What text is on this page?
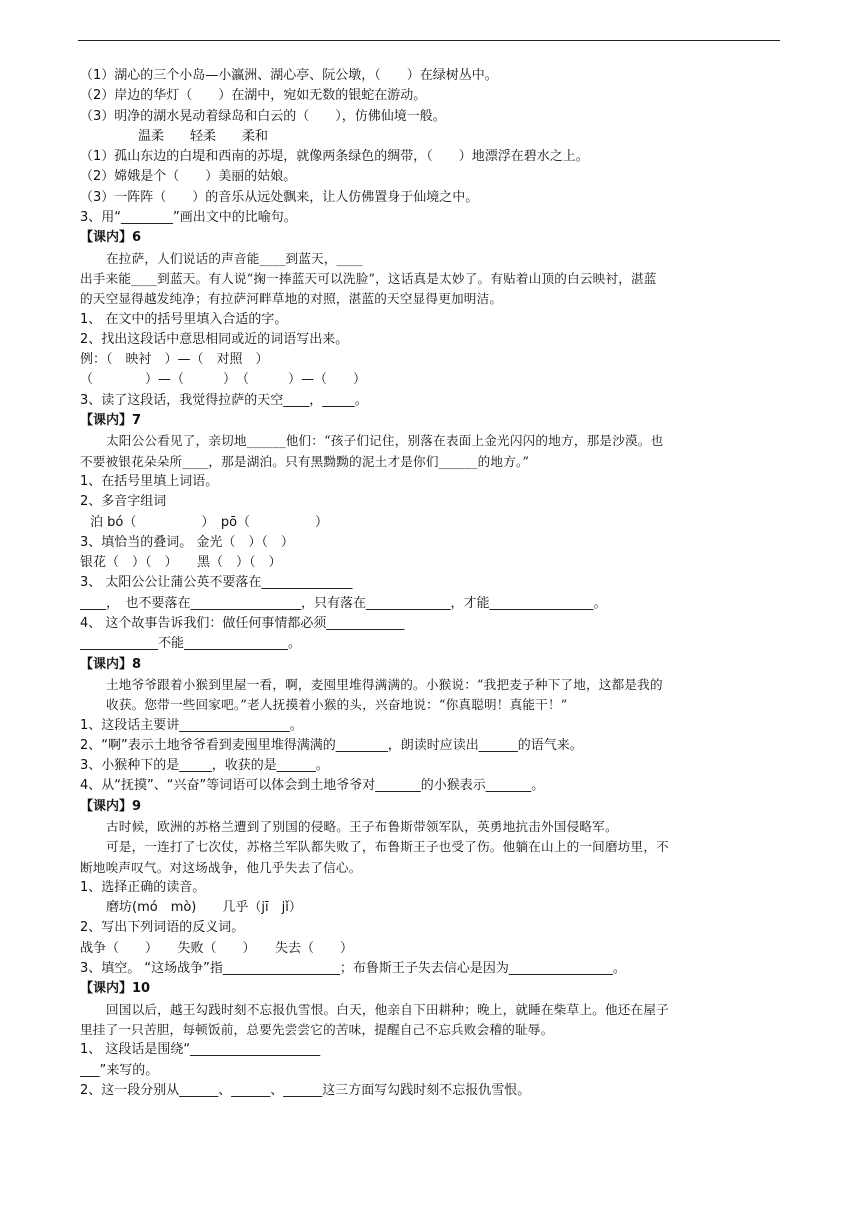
（1）湖心的三个小岛—小瀛洲、湖心亭、阮公墩，（　　）在绿树丛中。
（2）岸边的华灯（　　）在湖中，宛如无数的银蛇在游动。
（3）明净的湖水晃动着绿岛和白云的（　　），仿佛仙境一般。
温柔　　轻柔　　柔和
（1）孤山东边的白堤和西南的苏堤，就像两条绿色的绸带，（　　）地漂浮在碧水之上。
（2）嫦娥是个（　　）美丽的姑娘。
（3）一阵阵（　　）的音乐从远处飘来，让人仿佛置身于仙境之中。
3、用“________”画出文中的比喻句。
【课内】6
在拉萨，人们说话的声音能____到蓝天，____
出手来能____到蓝天。有人说“掬一捧蓝天可以洗脸”，这话真是太妙了。有贴着山顶的白云映衬，湛蓝
的天空显得越发纯净；有拉萨河畔草地的对照，湛蓝的天空显得更加明洁。
1、 在文中的括号里填入合适的字。
2、找出这段话中意思相同或近的词语写出来。
例：（　映衬　）—（　对照　）
（　　　　）—（　　　）　（　　　）—（　　）
3、读了这段话，我觉得拉萨的天空____，_____。
【课内】7
太阳公公看见了，亲切地______他们：“孩子们记住，别落在表面上金光闪闪的地方，那是沙漠。也
不要被银花朵朵所____，那是湖泊。只有黑黝黝的泥土才是你们______的地方。”
1、在括号里填上词语。
2、多音字组词
泊 bó（　　　　　）　pō（　　　　　）
3、填恰当的叠词。 金光（　）（　）
银花（　）（　）　　黑（　）（　）
3、 太阳公公让蒲公英不要落在______________
____，　也不要落在_________________，只有落在_____________，才能________________。
4、 这个故事告诉我们：做任何事情都必须____________
____________不能________________。
【课内】8
土地爷爷跟着小猴到里屋一看，啊，麦囤里堆得满满的。小猴说：“我把麦子种下了地，这都是我的
收获。您带一些回家吧。”老人抚摸着小猴的头，兴奋地说：“你真聪明！真能干！”
1、这段话主要讲_________________。
2、“啊”表示土地爷爷看到麦囤里堆得满满的________，朗读时应读出______的语气来。
3、小猴种下的是_____，收获的是______。
4、从“抚摸”、“兴奋”等词语可以体会到土地爷爷对_______的小猴表示_______。
【课内】9
古时候，欧洲的苏格兰遭到了别国的侵略。王子布鲁斯带领军队，英勇地抗击外国侵略军。
可是，一连打了七次仗，苏格兰军队都失败了，布鲁斯王子也受了伤。他躺在山上的一间磨坊里，不
断地唉声叹气。对这场战争，他几乎失去了信心。
1、选择正确的读音。
磨坊(mó　mò)　　几乎（jī　jǐ）
2、写出下列词语的反义词。
战争（　　）　　失败（　　）　　失去（　　）
3、填空。 “这场战争”指__________________；布鲁斯王子失去信心是因为________________。
【课内】10
回国以后，越王勾践时刻不忘报仇雪恨。白天，他亲自下田耕种；晚上，就睡在柴草上。他还在屋子
里挂了一只苦胆，每顿饭前，总要先尝尝它的苦味，提醒自己不忘兵败会稽的耻辱。
1、 这段话是围绕“____________________
___”来写的。
2、这一段分别从______、______、______这三方面写勾践时刻不忘报仇雪恨。
